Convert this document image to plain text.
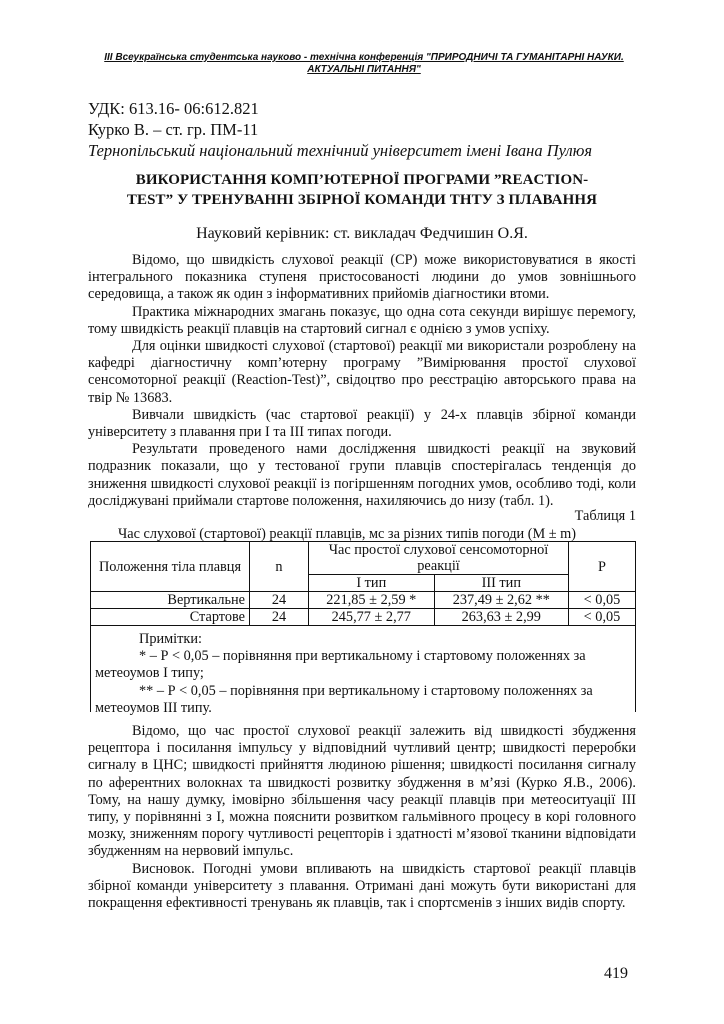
ІІІ Всеукраїнська студентська науково - технічна конференція "ПРИРОДНИЧІ ТА ГУМАНІТАРНІ НАУКИ.
АКТУАЛЬНІ ПИТАННЯ"
УДК: 613.16- 06:612.821
Курко В. – ст. гр. ПМ-11
Тернопільський національний технічний університет імені Івана Пулюя
ВИКОРИСТАННЯ КОМП’ЮТЕРНОЇ ПРОГРАМИ ”REACTION-
TEST” У ТРЕНУВАННІ ЗБІРНОЇ КОМАНДИ ТНТУ З ПЛАВАННЯ
Науковий керівник: ст. викладач Федчишин О.Я.

Відомо, що швидкість слухової реакції (СР) може використовуватися в якості інтегрального показника ступеня пристосованості людини до умов зовнішнього середовища, а також як один з інформативних прийомів діагностики втоми.

Практика міжнародних змагань показує, що одна сота секунди вирішує перемогу, тому швидкість реакції плавців на стартовий сигнал є однією з умов успіху.

Для оцінки швидкості слухової (стартової) реакції ми використали розроблену на кафедрі діагностичну комп’ютерну програму ”Вимірювання простої слухової сенсомоторної реакції (Reaction-Test)”, свідоцтво про реєстрацію авторського права на твір № 13683.

Вивчали швидкість (час стартової реакції) у 24-х плавців збірної команди університету з плавання при І та ІІІ типах погоди.

Результати проведеного нами дослідження швидкості реакції на звуковий подразник показали, що у тестованої групи плавців спостерігалась тенденція до зниження швидкості слухової реакції із погіршенням погодних умов, особливо тоді, коли досліджувані приймали стартове положення, нахиляючись до низу (табл. 1).

Таблиця 1
Час слухової (стартової) реакції плавців, мс за різних типів погоди (M ± m)
Положення тіла плавця	n	Час простої слухової сенсомоторної реакції		P
		І тип	ІІІ тип	
Вертикальне	24	221,85 ± 2,59 *	237,49 ± 2,62 **	< 0,05
Стартове	24	245,77 ± 2,77	263,63 ± 2,99	< 0,05

Примітки:
* – Р < 0,05 – порівняння при вертикальному і стартовому положеннях за
метеоумов І типу;
** – Р < 0,05 – порівняння при вертикальному і стартовому положеннях за
метеоумов ІІІ типу.

Відомо, що час простої слухової реакції залежить від швидкості збудження рецептора і посилання імпульсу у відповідний чутливий центр; швидкості переробки сигналу в ЦНС; швидкості прийняття людиною рішення; швидкості посилання сигналу по аферентних волокнах та швидкості розвитку збудження в м’язі (Курко Я.В., 2006). Тому, на нашу думку, імовірно збільшення часу реакції плавців при метеоситуації ІІІ типу, у порівнянні з І, можна пояснити розвитком гальмівного процесу в корі головного мозку, зниженням порогу чутливості рецепторів і здатності м’язової тканини відповідати збудженням на нервовий імпульс.

Висновок. Погодні умови впливають на швидкість стартової реакції плавців збірної команди університету з плавання. Отримані дані можуть бути використані для покращення ефективності тренувань як плавців, так і спортсменів з інших видів спорту.

419
